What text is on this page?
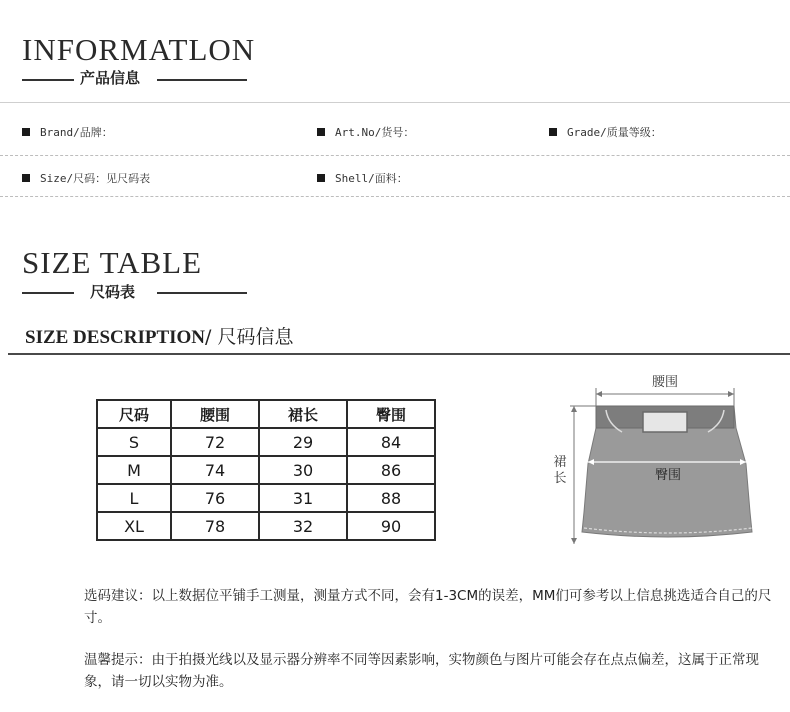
INFORMATLON
产品信息
Brand/品牌：	Art.No/货号：	Grade/质量等级：
Size/尺码：见尺码表	Shell/面料：
SIZE TABLE
尺码表
SIZE DESCRIPTION/ 尺码信息
尺码	腰围	裙长	臀围
S	72	29	84
M	74	30	86
L	76	31	88
XL	78	32	90
腰围
臀围
裙长
选码建议：以上数据位平铺手工测量，测量方式不同，会有1-3CM的误差，MM们可参考以上信息挑选适合自己的尺寸。
温馨提示：由于拍摄光线以及显示器分辨率不同等因素影响，实物颜色与图片可能会存在点点偏差，这属于正常现象，请一切以实物为准。
